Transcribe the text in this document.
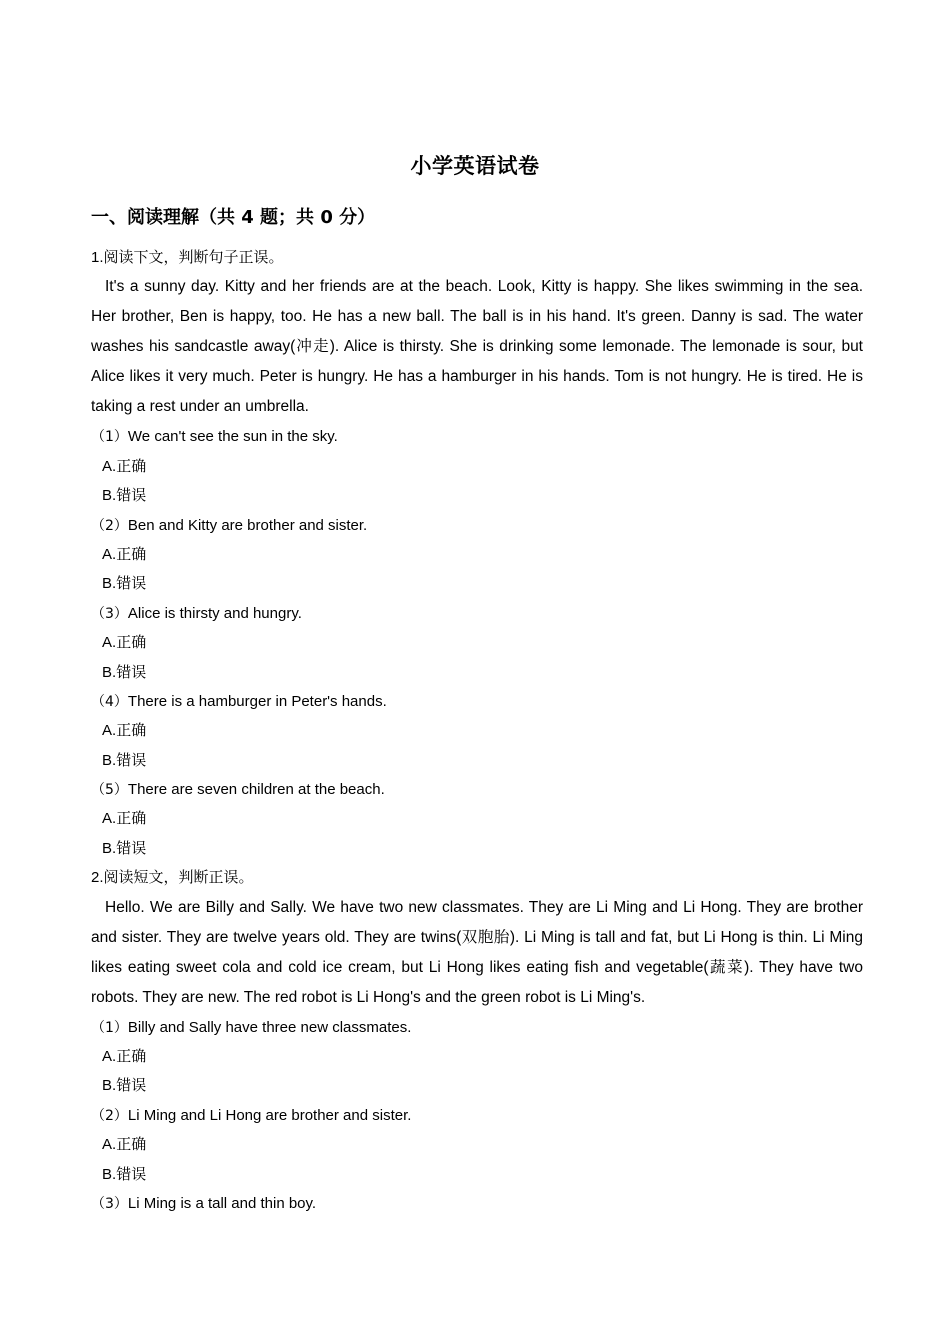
小学英语试卷
一、阅读理解（共 4 题；共 0 分）
1.阅读下文，判断句子正误。

It's a sunny day. Kitty and her friends are at the beach. Look, Kitty is happy. She likes swimming in the sea. Her brother, Ben is happy, too. He has a new ball. The ball is in his hand. It's green. Danny is sad. The water washes his sandcastle away(冲走). Alice is thirsty. She is drinking some lemonade. The lemonade is sour, but Alice likes it very much. Peter is hungry. He has a hamburger in his hands. Tom is not hungry. He is tired. He is taking a rest under an umbrella.

（1）We can't see the sun in the sky.
A.正确
B.错误
（2）Ben and Kitty are brother and sister.
A.正确
B.错误
（3）Alice is thirsty and hungry.
A.正确
B.错误
（4）There is a hamburger in Peter's hands.
A.正确
B.错误
（5）There are seven children at the beach.
A.正确
B.错误
2.阅读短文，判断正误。

Hello. We are Billy and Sally. We have two new classmates. They are Li Ming and Li Hong. They are brother and sister. They are twelve years old. They are twins(双胞胎). Li Ming is tall and fat, but Li Hong is thin. Li Ming likes eating sweet cola and cold ice cream, but Li Hong likes eating fish and vegetable(蔬菜). They have two robots. They are new. The red robot is Li Hong's and the green robot is Li Ming's.

（1）Billy and Sally have three new classmates.
A.正确
B.错误
（2）Li Ming and Li Hong are brother and sister.
A.正确
B.错误
（3）Li Ming is a tall and thin boy.
